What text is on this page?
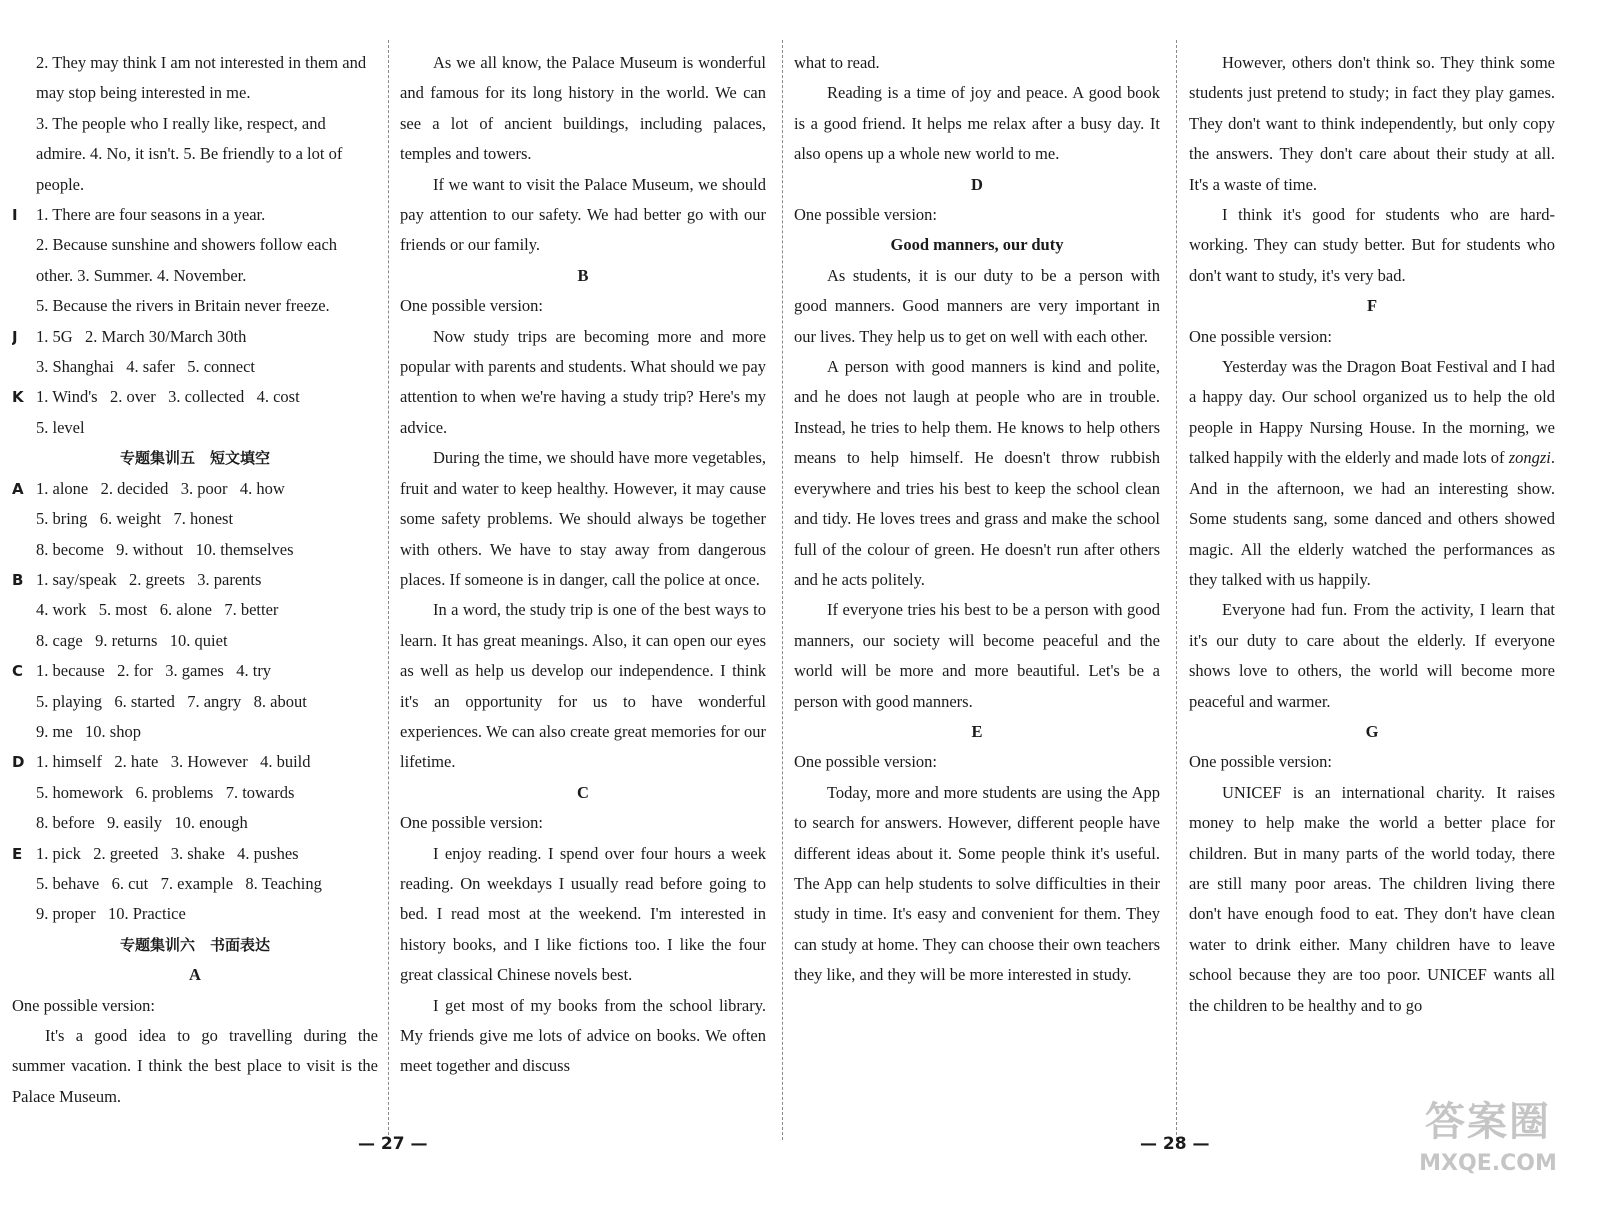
2. They may think I am not interested in them and may stop being interested in me.

3. The people who I really like, respect, and admire. 4. No, it isn't. 5. Be friendly to a lot of people.

I 1. There are four seasons in a year.

2. Because sunshine and showers follow each other. 3. Summer. 4. November.

5. Because the rivers in Britain never freeze.

J 1. 5G   2. March 30/March 30th

3. Shanghai   4. safer   5. connect

K 1. Wind's   2. over   3. collected   4. cost

5. level

专题集训五　短文填空

A 1. alone   2. decided   3. poor   4. how

5. bring   6. weight   7. honest

8. become   9. without   10. themselves

B 1. say/speak   2. greets   3. parents

4. work   5. most   6. alone   7. better

8. cage   9. returns   10. quiet

C 1. because   2. for   3. games   4. try

5. playing   6. started   7. angry   8. about

9. me   10. shop

D 1. himself   2. hate   3. However   4. build

5. homework   6. problems   7. towards

8. before   9. easily   10. enough

E 1. pick   2. greeted   3. shake   4. pushes

5. behave   6. cut   7. example   8. Teaching

9. proper   10. Practice

专题集训六　书面表达

A

One possible version:

It's a good idea to go travelling during the summer vacation. I think the best place to visit is the Palace Museum.

As we all know, the Palace Museum is wonderful and famous for its long history in the world. We can see a lot of ancient buildings, including palaces, temples and towers.

If we want to visit the Palace Museum, we should pay attention to our safety. We had better go with our friends or our family.

B

One possible version:

Now study trips are becoming more and more popular with parents and students. What should we pay attention to when we're having a study trip? Here's my advice.

During the time, we should have more vegetables, fruit and water to keep healthy. However, it may cause some safety problems. We should always be together with others. We have to stay away from dangerous places. If someone is in danger, call the police at once.

In a word, the study trip is one of the best ways to learn. It has great meanings. Also, it can open our eyes as well as help us develop our independence. I think it's an opportunity for us to have wonderful experiences. We can also create great memories for our lifetime.

C

One possible version:

I enjoy reading. I spend over four hours a week reading. On weekdays I usually read before going to bed. I read most at the weekend. I'm interested in history books, and I like fictions too. I like the four great classical Chinese novels best.

I get most of my books from the school library. My friends give me lots of advice on books. We often meet together and discuss

what to read.

Reading is a time of joy and peace. A good book is a good friend. It helps me relax after a busy day. It also opens up a whole new world to me.

D

One possible version:

Good manners, our duty

As students, it is our duty to be a person with good manners. Good manners are very important in our lives. They help us to get on well with each other.

A person with good manners is kind and polite, and he does not laugh at people who are in trouble. Instead, he tries to help them. He knows to help others means to help himself. He doesn't throw rubbish everywhere and tries his best to keep the school clean and tidy. He loves trees and grass and make the school full of the colour of green. He doesn't run after others and he acts politely.

If everyone tries his best to be a person with good manners, our society will become peaceful and the world will be more and more beautiful. Let's be a person with good manners.

E

One possible version:

Today, more and more students are using the App to search for answers. However, different people have different ideas about it. Some people think it's useful. The App can help students to solve difficulties in their study in time. It's easy and convenient for them. They can study at home. They can choose their own teachers they like, and they will be more interested in study.

However, others don't think so. They think some students just pretend to study; in fact they play games. They don't want to think independently, but only copy the answers. They don't care about their study at all. It's a waste of time.

I think it's good for students who are hard-working. They can study better. But for students who don't want to study, it's very bad.

F

One possible version:

Yesterday was the Dragon Boat Festival and I had a happy day. Our school organized us to help the old people in Happy Nursing House. In the morning, we talked happily with the elderly and made lots of zongzi. And in the afternoon, we had an interesting show. Some students sang, some danced and others showed magic. All the elderly watched the performances as they talked with us happily.

Everyone had fun. From the activity, I learn that it's our duty to care about the elderly. If everyone shows love to others, the world will become more peaceful and warmer.

G

One possible version:

UNICEF is an international charity. It raises money to help make the world a better place for children. But in many parts of the world today, there are still many poor areas. The children living there don't have enough food to eat. They don't have clean water to drink either. Many children have to leave school because they are too poor. UNICEF wants all the children to be healthy and to go

— 27 —	— 28 —	答案圈
MXQE.COM
